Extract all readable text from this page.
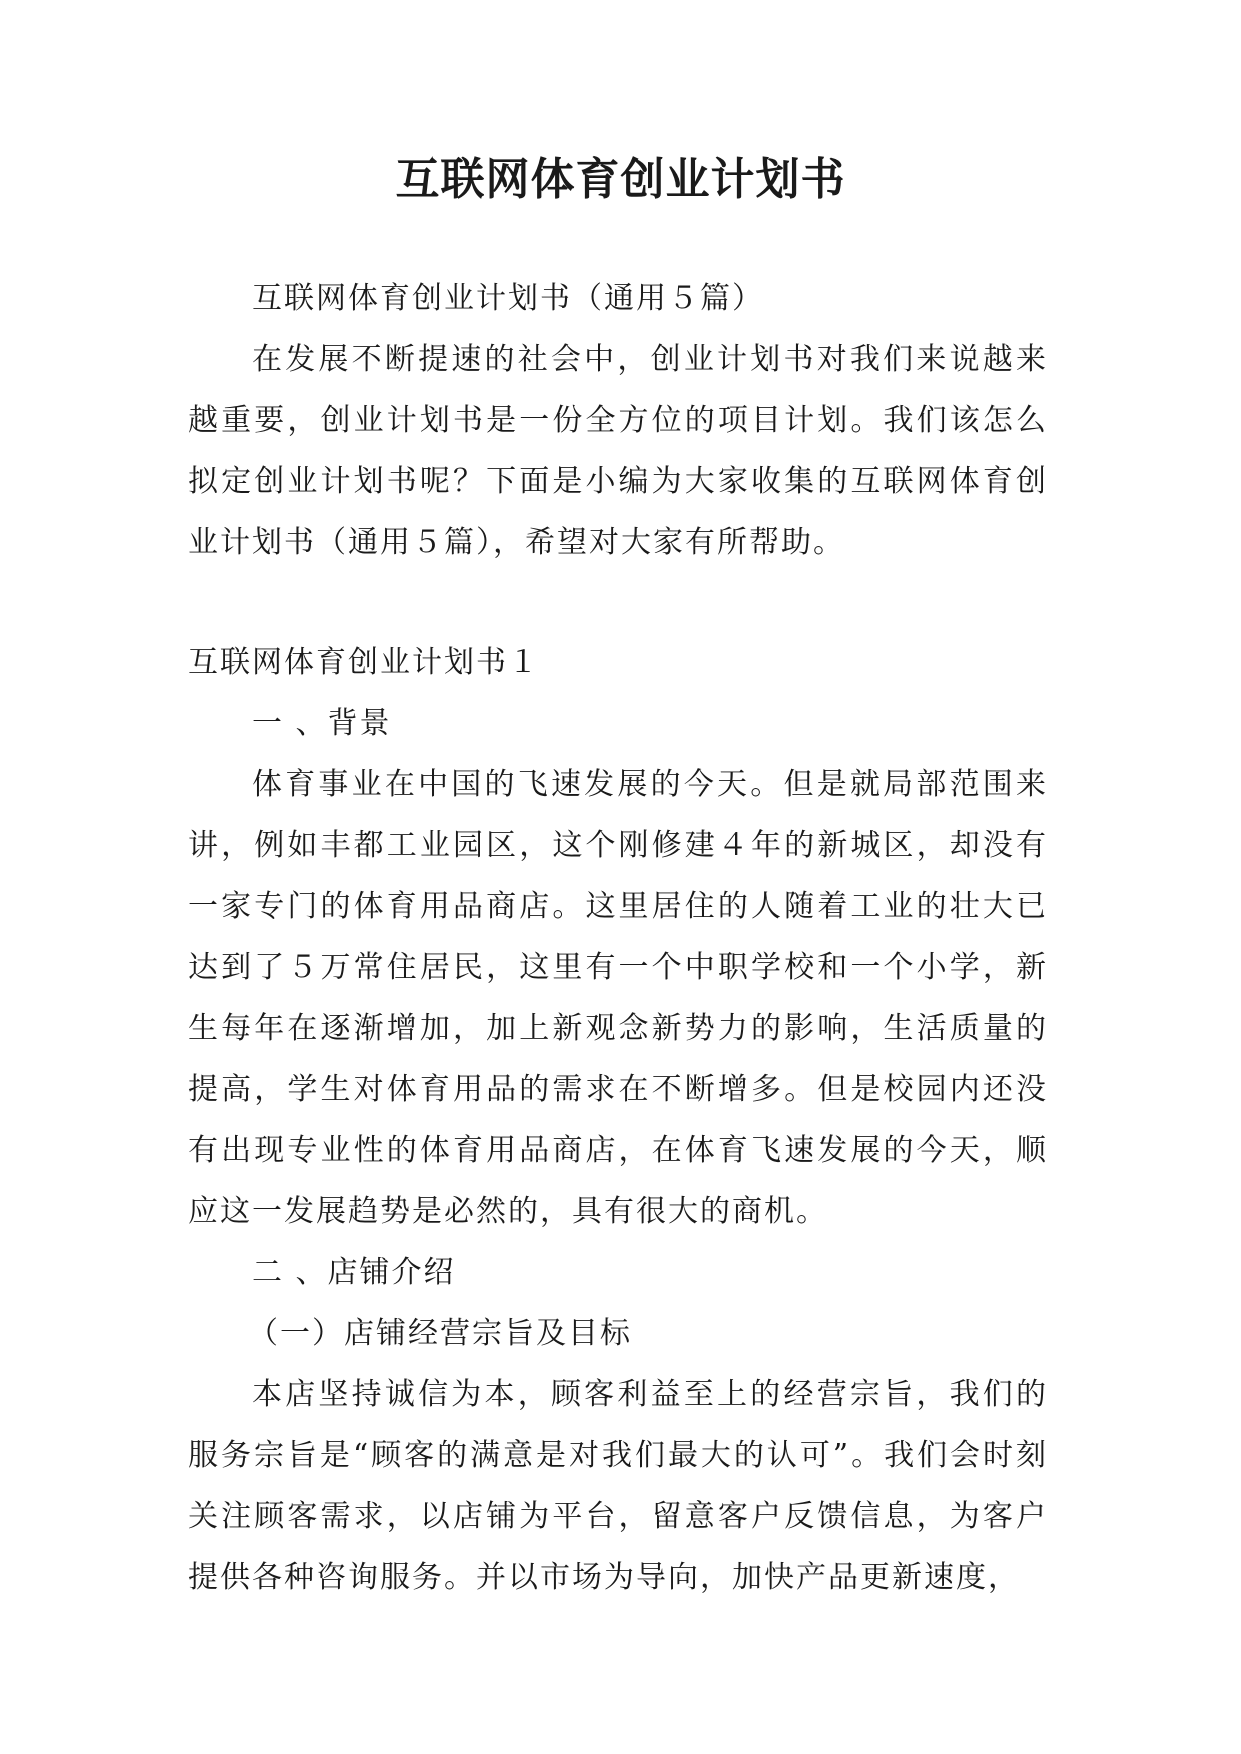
互联网体育创业计划书

互联网体育创业计划书（通用５篇）

在发展不断提速的社会中，创业计划书对我们来说越来越重要，创业计划书是一份全方位的项目计划。我们该怎么拟定创业计划书呢？下面是小编为大家收集的互联网体育创业计划书（通用５篇），希望对大家有所帮助。

互联网体育创业计划书１

一 、背景

体育事业在中国的飞速发展的今天。但是就局部范围来讲，例如丰都工业园区，这个刚修建４年的新城区，却没有一家专门的体育用品商店。这里居住的人随着工业的壮大已达到了５万常住居民，这里有一个中职学校和一个小学，新生每年在逐渐增加，加上新观念新势力的影响，生活质量的提高，学生对体育用品的需求在不断增多。但是校园内还没有出现专业性的体育用品商店，在体育飞速发展的今天，顺应这一发展趋势是必然的，具有很大的商机。

二 、店铺介绍

（一）店铺经营宗旨及目标

本店坚持诚信为本，顾客利益至上的经营宗旨，我们的服务宗旨是“顾客的满意是对我们最大的认可”。我们会时刻关注顾客需求，以店铺为平台，留意客户反馈信息，为客户提供各种咨询服务。并以市场为导向，加快产品更新速度，
